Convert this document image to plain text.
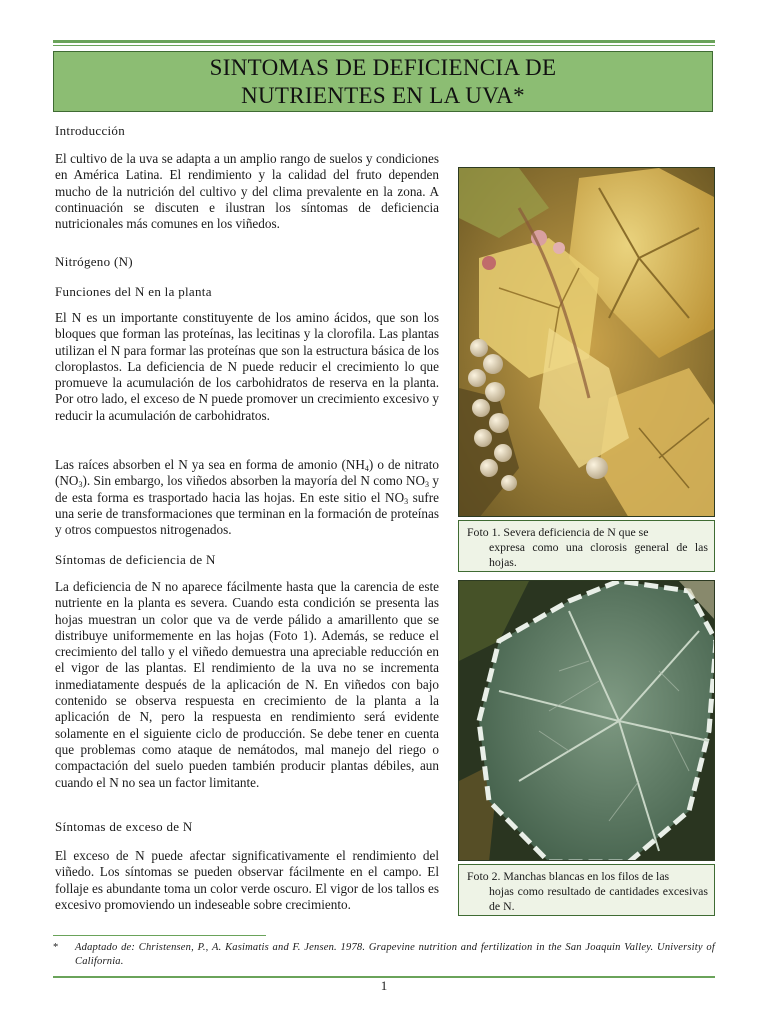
SINTOMAS DE DEFICIENCIA DE
NUTRIENTES EN LA UVA*
Introducción

El cultivo de la uva se adapta a un amplio rango de suelos y condiciones en América Latina. El rendimiento y la calidad del fruto dependen mucho de la nutrición del cultivo y del clima prevalente en la zona. A continuación se discuten e ilustran los síntomas de deficiencia nutricionales más comunes en los viñedos.

Nitrógeno (N)
Funciones del N en la planta

El N es un importante constituyente de los amino ácidos, que son los bloques que forman las proteínas, las lecitinas y la clorofila. Las plantas utilizan el N para formar las proteínas que son la estructura básica de los cloroplastos. La deficiencia de N puede reducir el crecimiento lo que promueve la acumulación de los carbohidratos de reserva en la planta. Por otro lado, el exceso de N puede promover un crecimiento excesivo y reducir la acumulación de carbohidratos.

Las raíces absorben el N ya sea en forma de amonio $(NH_4)$ o de nitrato $(NO_3)$. Sin embargo, los viñedos absorben la mayoría del N como $NO_3$ y de esta forma es trasportado hacia las hojas. En este sitio el $NO_3$ sufre una serie de transformaciones que terminan en la formación de proteínas y otros compuestos nitrogenados.

Síntomas de deficiencia de N

La deficiencia de N no aparece fácilmente hasta que la carencia de este nutriente en la planta es severa. Cuando esta condición se presenta las hojas muestran un color que va de verde pálido a amarillento que se distribuye uniformemente en las hojas (Foto 1). Además, se reduce el crecimiento del tallo y el viñedo demuestra una apreciable reducción en el vigor de las plantas. El rendimiento de la uva no se incrementa inmediatamente después de la aplicación de N. En viñedos con bajo contenido se observa respuesta en crecimiento de la planta a la aplicación de N, pero la respuesta en rendimiento será evidente solamente en el siguiente ciclo de producción. Se debe tener en cuenta que problemas como ataque de nemátodos, mal manejo del riego o compactación del suelo pueden también producir plantas débiles, aun cuando el N no sea un factor limitante.

Síntomas de exceso de N

El exceso de N puede afectar significativamente el rendimiento del viñedo. Los síntomas se pueden observar fácilmente en el campo. El follaje es abundante toma un color verde oscuro. El vigor de los tallos es excesivo promoviendo un indeseable sobre crecimiento.

Foto 1. Severa deficiencia de N que se
expresa como una clorosis general de las hojas.
Foto 2. Manchas blancas en los filos de las
hojas como resultado de cantidades excesivas de N.
*	Adaptado de: Christensen, P., A. Kasimatis and F. Jensen. 1978. Grapevine nutrition and fertilization in the San Joaquin Valley. University of California.
1
